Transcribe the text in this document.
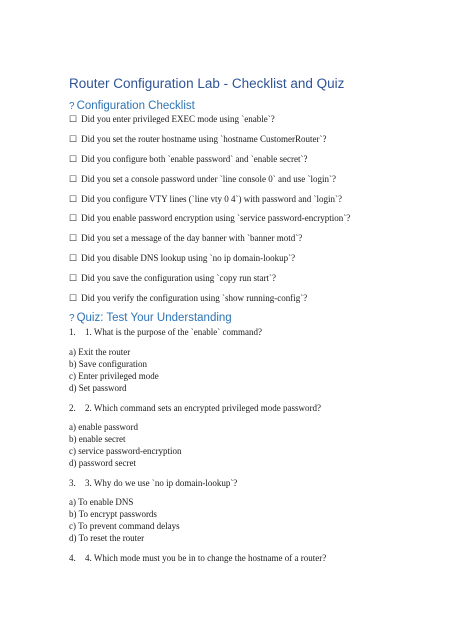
Router Configuration Lab - Checklist and Quiz
? Configuration Checklist
☐ Did you enter privileged EXEC mode using `enable`?
☐ Did you set the router hostname using `hostname CustomerRouter`?
☐ Did you configure both `enable password` and `enable secret`?
☐ Did you set a console password under `line console 0` and use `login`?
☐ Did you configure VTY lines (`line vty 0 4`) with password and `login`?
☐ Did you enable password encryption using `service password-encryption`?
☐ Did you set a message of the day banner with `banner motd`?
☐ Did you disable DNS lookup using `no ip domain-lookup`?
☐ Did you save the configuration using `copy run start`?
☐ Did you verify the configuration using `show running-config`?
? Quiz: Test Your Understanding
1. 1. What is the purpose of the `enable` command?
a) Exit the router
b) Save configuration
c) Enter privileged mode
d) Set password
2. 2. Which command sets an encrypted privileged mode password?
a) enable password
b) enable secret
c) service password-encryption
d) password secret
3. 3. Why do we use `no ip domain-lookup`?
a) To enable DNS
b) To encrypt passwords
c) To prevent command delays
d) To reset the router
4. 4. Which mode must you be in to change the hostname of a router?
